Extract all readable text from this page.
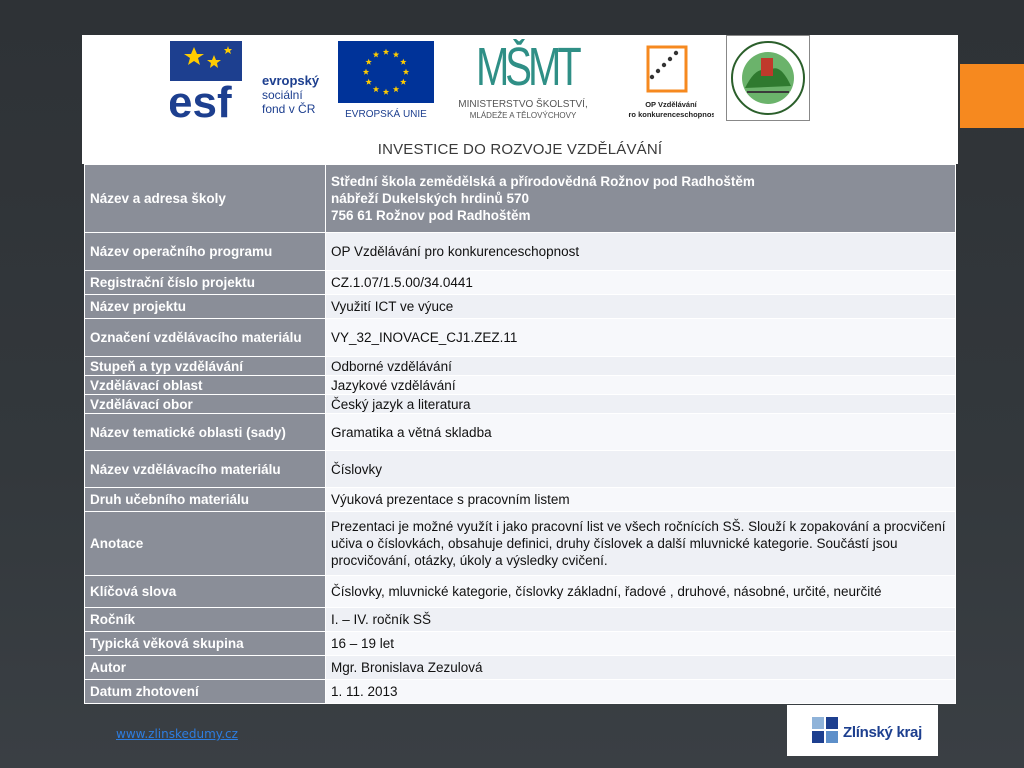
esf evropský
sociální
fond v ČR	EVROPSKÁ UNIE
MŠMT
MINISTERSTVO ŠKOLSTVÍ,
MLÁDEŽE A TĚLOVÝCHOVY
OP Vzdělávání
pro konkurenceschopnost
INVESTICE DO ROZVOJE VZDĚLÁVÁNÍ
Název a adresa školy	Střední škola zemědělská a přírodovědná Rožnov pod Radhoštěm
nábřeží Dukelských hrdinů 570
756 61 Rožnov pod Radhoštěm

Název operačního programu	OP Vzdělávání pro konkurenceschopnost
Registrační číslo projektu	CZ.1.07/1.5.00/34.0441
Název projektu	Využití ICT ve výuce
Označení vzdělávacího materiálu	VY_32_INOVACE_CJ1.ZEZ.11
Stupeň a typ vzdělávání	Odborné vzdělávání
Vzdělávací oblast	Jazykové vzdělávání
Vzdělávací obor	Český jazyk a literatura
Název tematické oblasti (sady)	Gramatika a větná skladba
Název vzdělávacího materiálu	Číslovky
Druh učebního materiálu	Výuková prezentace s pracovním listem
Anotace	Prezentaci je možné využít i jako pracovní list ve všech ročnících SŠ. Slouží k zopakování a procvičení učiva o číslovkách, obsahuje definici, druhy číslovek a další mluvnické kategorie. Součástí jsou procvičování, otázky, úkoly a výsledky cvičení.
Klíčová slova	Číslovky, mluvnické kategorie, číslovky základní, řadové , druhové, násobné, určité, neurčité
Ročník	I. – IV. ročník SŠ
Typická věková skupina	16 – 19 let
Autor	Mgr. Bronislava Zezulová
Datum zhotovení	1. 11. 2013
www.zlinskedumy.cz	Zlínský kraj
